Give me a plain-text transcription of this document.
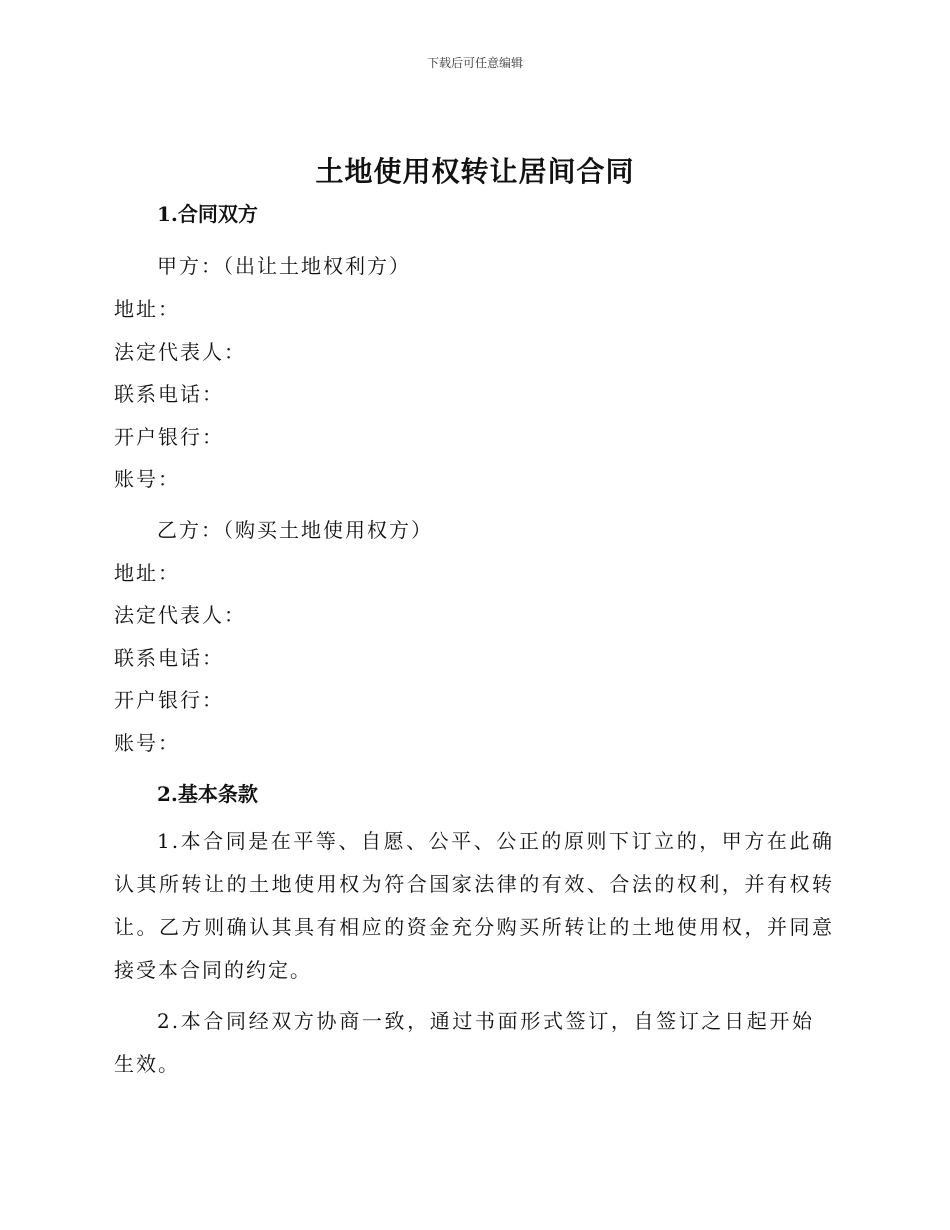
下载后可任意编辑
土地使用权转让居间合同
1.合同双方
甲方：（出让土地权利方）
地址：
法定代表人：
联系电话：
开户银行：
账号：
乙方：（购买土地使用权方）
地址：
法定代表人：
联系电话：
开户银行：
账号：
2.基本条款
1.本合同是在平等、自愿、公平、公正的原则下订立的，甲方在此确认其所转让的土地使用权为符合国家法律的有效、合法的权利，并有权转让。乙方则确认其具有相应的资金充分购买所转让的土地使用权，并同意接受本合同的约定。
2.本合同经双方协商一致，通过书面形式签订，自签订之日起开始生效。
